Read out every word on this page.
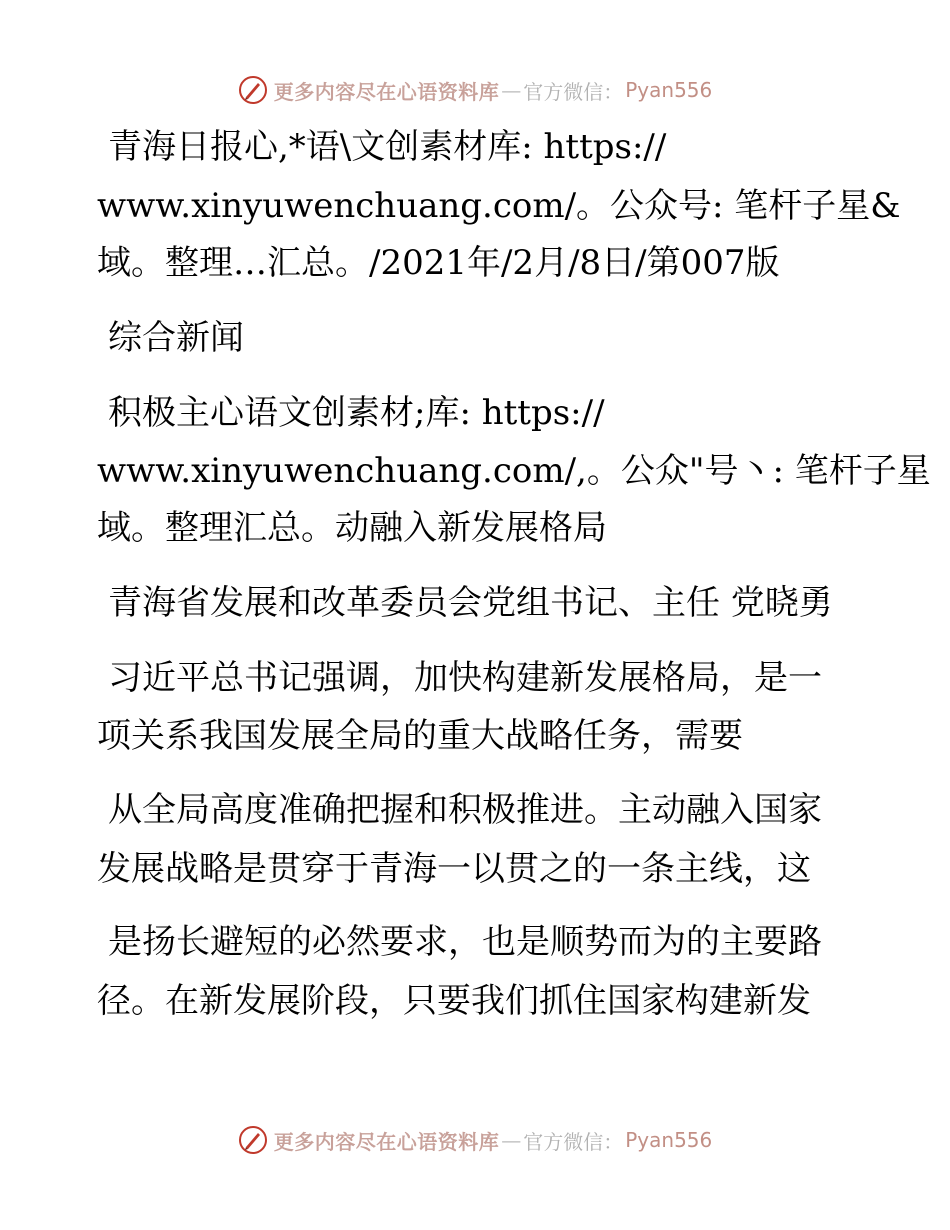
更多内容尽在心语资料库 — 官方微信： Pyan556
青海日报心,*语\文创素材库: https://
www.xinyuwenchuang.com/。公众号: 笔杆子星&
域。整理…汇总。/2021年/2月/8日/第007版
综合新闻
积极主心语文创素材;库: https://
www.xinyuwenchuang.com/,。公众"号丶: 笔杆子星
域。整理汇总。动融入新发展格局
青海省发展和改革委员会党组书记、主任 党晓勇
习近平总书记强调，加快构建新发展格局，是一
项关系我国发展全局的重大战略任务，需要
从全局高度准确把握和积极推进。主动融入国家
发展战略是贯穿于青海一以贯之的一条主线，这
是扬长避短的必然要求，也是顺势而为的主要路
径。在新发展阶段，只要我们抓住国家构建新发
更多内容尽在心语资料库 — 官方微信： Pyan556
